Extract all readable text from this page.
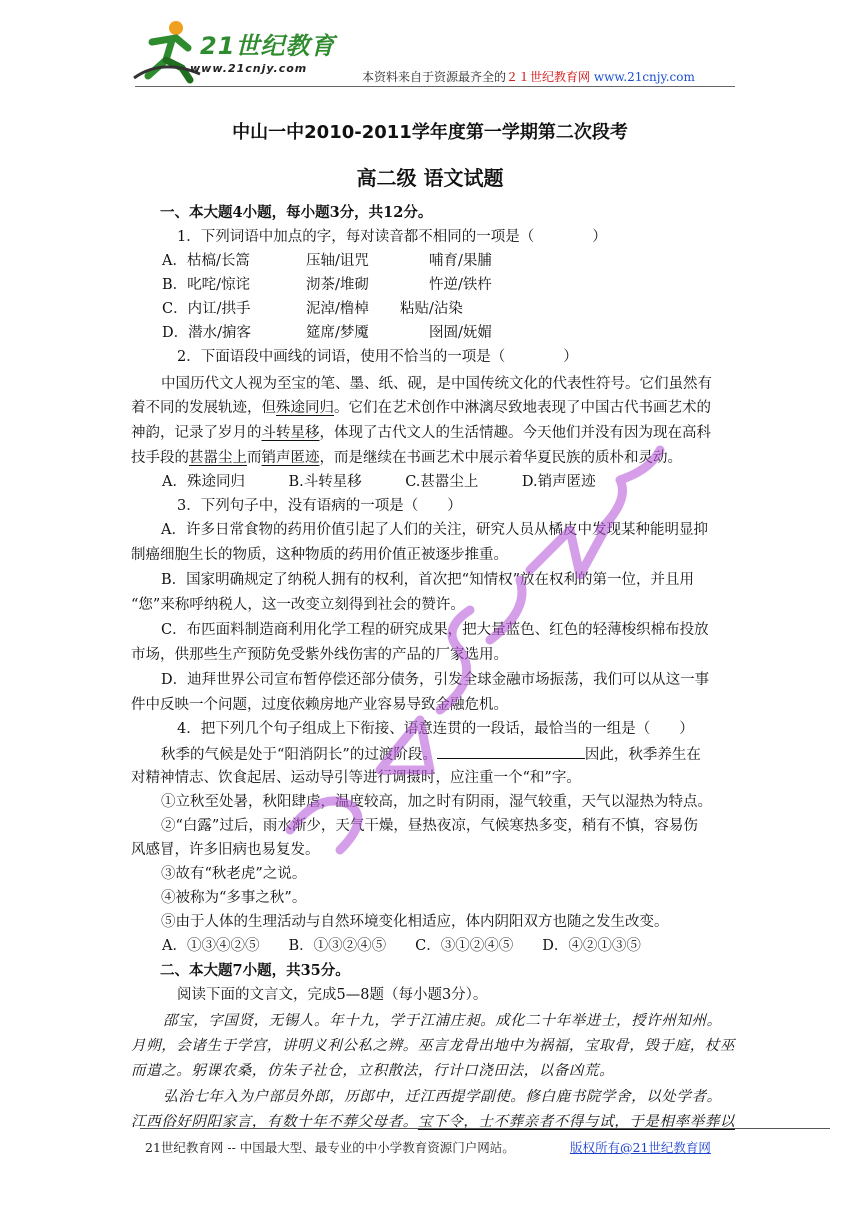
21世纪教育
www.21cnjy.com
本资料来自于资源最齐全的２１世纪教育网 www.21cnjy.com
中山一中2010-2011学年度第一学期第二次段考
高二级 语文试题
一、本大题4小题，每小题3分，共12分。
1．下列词语中加点的字，每对读音都不相同的一项是（　　　　）
A．枯槁/长篙	压轴/诅咒	哺育/果脯
B．叱咤/惊诧	沏茶/堆砌	忤逆/铁杵
C．内讧/拱手	泥淖/橹棹 粘贴/沾染
D．潜水/掮客	筵席/梦魇	囹圄/妩媚
2．下面语段中画线的词语，使用不恰当的一项是（　　　　）
中国历代文人视为至宝的笔、墨、纸、砚，是中国传统文化的代表性符号。它们虽然有
着不同的发展轨迹，但殊途同归。它们在艺术创作中淋漓尽致地表现了中国古代书画艺术的
神韵，记录了岁月的斗转星移，体现了古代文人的生活情趣。今天他们并没有因为现在高科
技手段的甚嚣尘上而销声匿迹，而是继续在书画艺术中展示着华夏民族的质朴和灵动。
A．殊途同归　　　B.斗转星移　　　C.甚嚣尘上　　　D.销声匿迹
3．下列句子中，没有语病的一项是（　　）
A．许多日常食物的药用价值引起了人们的关注，研究人员从橘皮中发现某种能明显抑
制癌细胞生长的物质，这种物质的药用价值正被逐步推重。
B．国家明确规定了纳税人拥有的权利，首次把“知情权”放在权利的第一位，并且用
“您”来称呼纳税人，这一改变立刻得到社会的赞许。
C．布匹面料制造商利用化学工程的研究成果，把大量蓝色、红色的轻薄梭织棉布投放
市场，供那些生产预防免受紫外线伤害的产品的厂家选用。
D．迪拜世界公司宣布暂停偿还部分债务，引发全球金融市场振荡，我们可以从这一事
件中反映一个问题，过度依赖房地产业容易导致金融危机。
4．把下列几个句子组成上下衔接、语意连贯的一段话，最恰当的一组是（　　）
秋季的气候是处于“阳消阴长”的过渡阶段。	因此，秋季养生在
对精神情志、饮食起居、运动导引等进行调摄时，应注重一个“和”字。
①立秋至处暑，秋阳肆虐，温度较高，加之时有阴雨，湿气较重，天气以湿热为特点。
②“白露”过后，雨水渐少，天气干燥，昼热夜凉，气候寒热多变，稍有不慎，容易伤
风感冒，许多旧病也易复发。
③故有“秋老虎”之说。
④被称为“多事之秋”。
⑤由于人体的生理活动与自然环境变化相适应，体内阴阳双方也随之发生改变。
A．①③④②⑤　　B．①③②④⑤　　C．③①②④⑤　　D．④②①③⑤
二、本大题7小题，共35分。
阅读下面的文言文，完成5—8题（每小题3分）。
邵宝，字国贤，无锡人。年十九，学于江浦庄昶。成化二十年举进士，授许州知州。
月朔，会诸生于学宫，讲明义利公私之辨。巫言龙骨出地中为祸福，宝取骨，毁于庭，杖巫
而遣之。躬课农桑，仿朱子社仓，立积散法，行计口浇田法，以备凶荒。
弘治七年入为户部员外郎，历郎中，迁江西提学副使。修白鹿书院学舍，以处学者。
江西俗好阴阳家言，有数十年不葬父母者。宝下令，士不葬亲者不得与试，于是相率举葬以
21世纪教育网 -- 中国最大型、最专业的中小学教育资源门户网站。	版权所有@21世纪教育网
